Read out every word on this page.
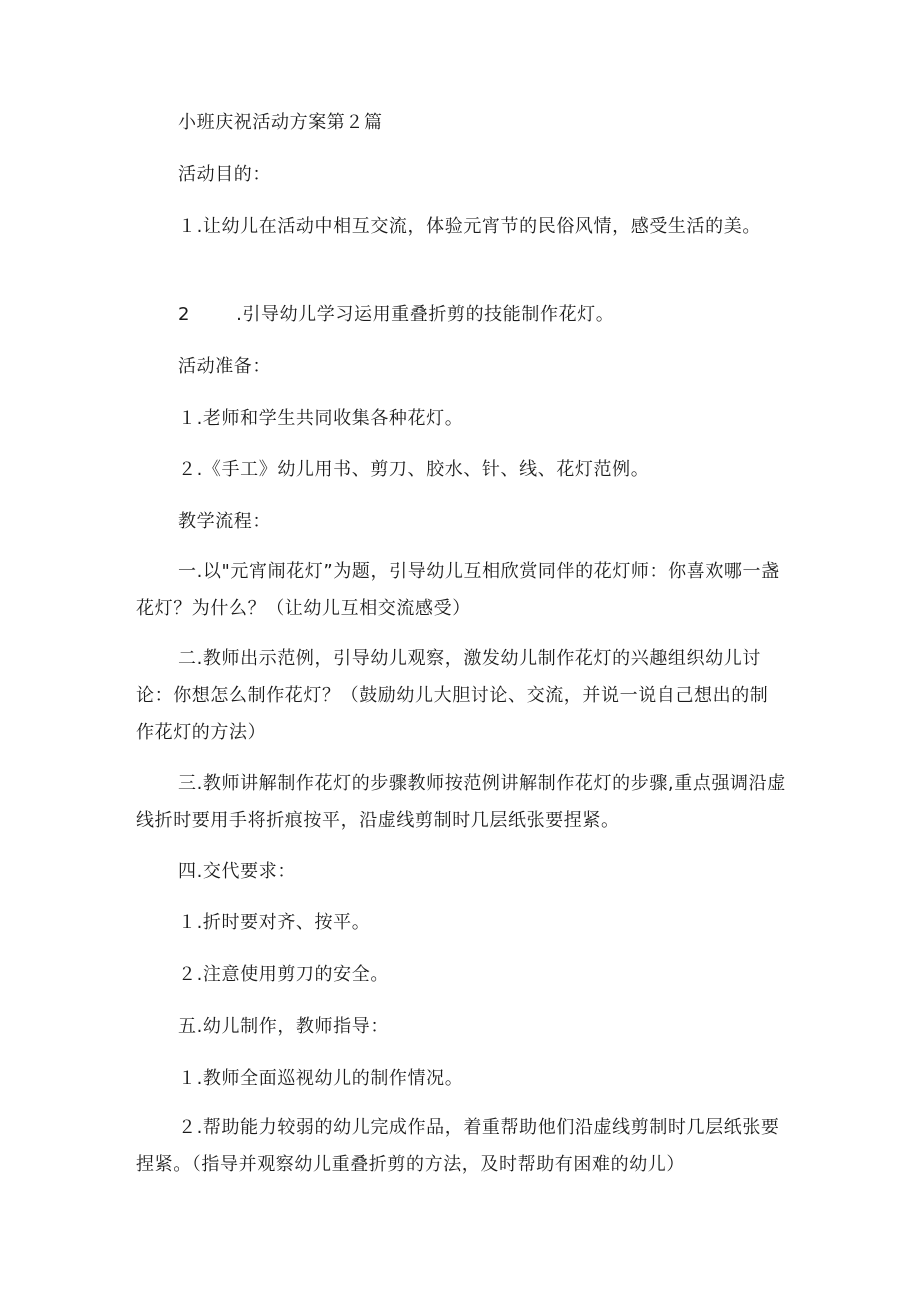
小班庆祝活动方案第２篇
活动目的：
１.让幼儿在活动中相互交流，体验元宵节的民俗风情，感受生活的美。
2	.引导幼儿学习运用重叠折剪的技能制作花灯。
活动准备：
１.老师和学生共同收集各种花灯。
２.《手工》幼儿用书、剪刀、胶水、针、线、花灯范例。
教学流程：
一.以"元宵闹花灯”为题，引导幼儿互相欣赏同伴的花灯师：你喜欢哪一盏花灯？为什么？（让幼儿互相交流感受）
二.教师出示范例，引导幼儿观察，激发幼儿制作花灯的兴趣组织幼儿讨论：你想怎么制作花灯？（鼓励幼儿大胆讨论、交流，并说一说自己想出的制作花灯的方法）
三.教师讲解制作花灯的步骤教师按范例讲解制作花灯的步骤,重点强调沿虚线折时要用手将折痕按平，沿虚线剪制时几层纸张要捏紧。
四.交代要求：
１.折时要对齐、按平。
２.注意使用剪刀的安全。
五.幼儿制作，教师指导：
１.教师全面巡视幼儿的制作情况。
２.帮助能力较弱的幼儿完成作品，着重帮助他们沿虚线剪制时几层纸张要捏紧。（指导并观察幼儿重叠折剪的方法，及时帮助有困难的幼儿）
